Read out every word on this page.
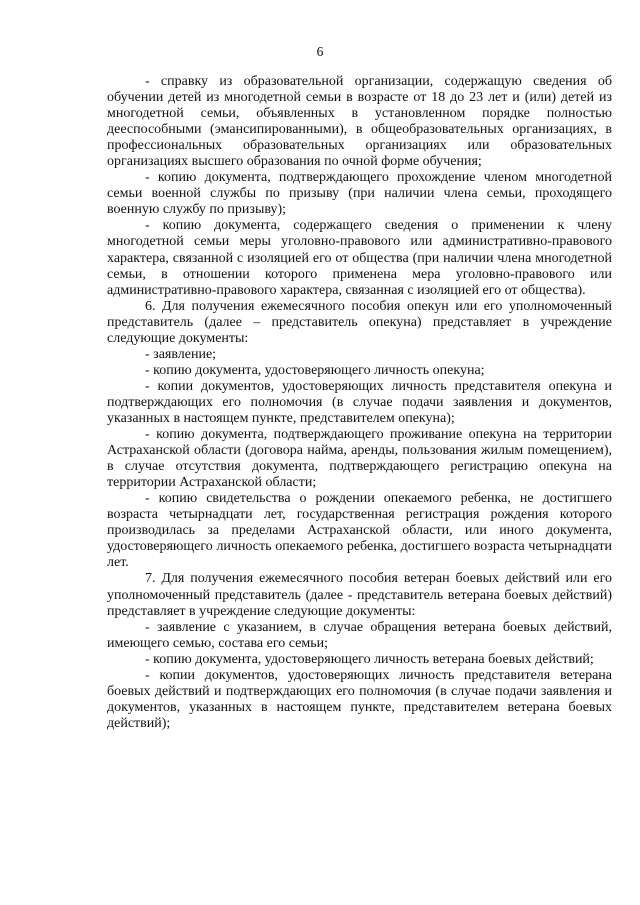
6

- справку из образовательной организации, содержащую сведения об обучении детей из многодетной семьи в возрасте от 18 до 23 лет и (или) детей из многодетной семьи, объявленных в установленном порядке полностью дееспособными (эмансипированными), в общеобразовательных организациях, в профессиональных образовательных организациях или образовательных организациях высшего образования по очной форме обучения;

- копию документа, подтверждающего прохождение членом многодетной семьи военной службы по призыву (при наличии члена семьи, проходящего военную службу по призыву);

- копию документа, содержащего сведения о применении к члену многодетной семьи меры уголовно-правового или административно-правового характера, связанной с изоляцией его от общества (при наличии члена многодетной семьи, в отношении которого применена мера уголовно-правового или административно-правового характера, связанная с изоляцией его от общества).

6. Для получения ежемесячного пособия опекун или его уполномоченный представитель (далее – представитель опекуна) представляет в учреждение следующие документы:

- заявление;

- копию документа, удостоверяющего личность опекуна;

- копии документов, удостоверяющих личность представителя опекуна и подтверждающих его полномочия (в случае подачи заявления и документов, указанных в настоящем пункте, представителем опекуна);

- копию документа, подтверждающего проживание опекуна на территории Астраханской области (договора найма, аренды, пользования жилым помещением), в случае отсутствия документа, подтверждающего регистрацию опекуна на территории Астраханской области;

- копию свидетельства о рождении опекаемого ребенка, не достигшего возраста четырнадцати лет, государственная регистрация рождения которого производилась за пределами Астраханской области, или иного документа, удостоверяющего личность опекаемого ребенка, достигшего возраста четырнадцати лет.

7. Для получения ежемесячного пособия ветеран боевых действий или его уполномоченный представитель (далее - представитель ветерана боевых действий) представляет в учреждение следующие документы:

- заявление с указанием, в случае обращения ветерана боевых действий, имеющего семью, состава его семьи;

- копию документа, удостоверяющего личность ветерана боевых действий;

- копии документов, удостоверяющих личность представителя ветерана боевых действий и подтверждающих его полномочия (в случае подачи заявления и документов, указанных в настоящем пункте, представителем ветерана боевых действий);
